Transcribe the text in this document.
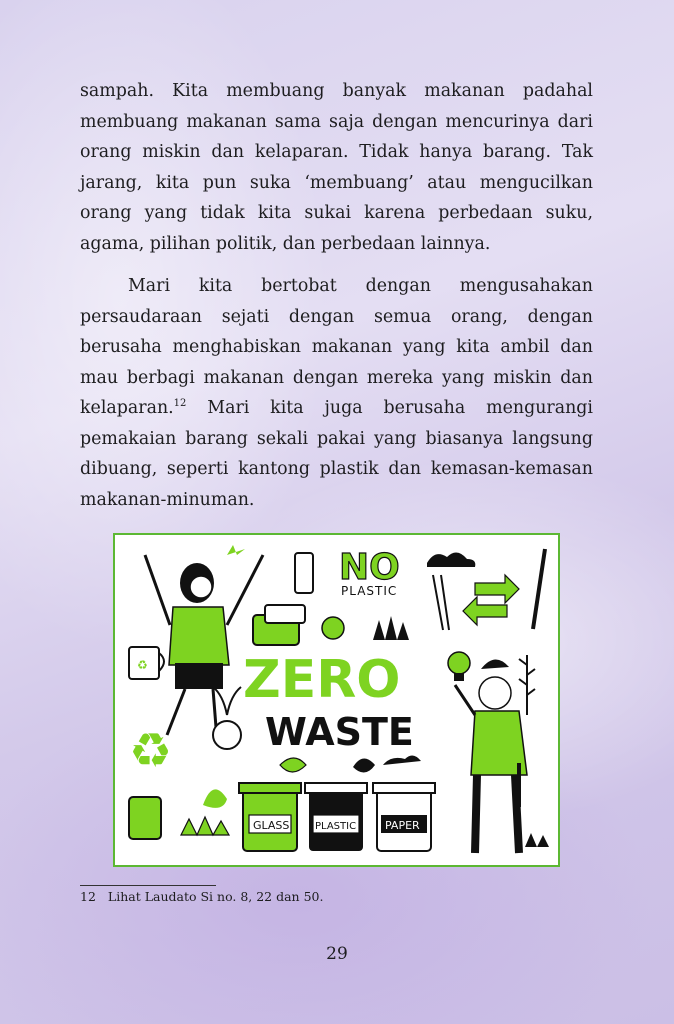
sampah. Kita membuang banyak makanan padahal membuang makanan sama saja dengan mencurinya dari orang miskin dan kelaparan. Tidak hanya barang. Tak jarang, kita pun suka ‘membuang’ atau mengucilkan orang yang tidak kita sukai karena perbedaan suku, agama, pilihan politik, dan perbedaan lainnya.

Mari kita bertobat dengan mengusahakan persaudaraan sejati dengan semua orang, dengan berusaha menghabiskan makanan yang kita ambil dan mau berbagi makanan dengan mereka yang miskin dan kelaparan.$^{12}$ Mari kita juga berusaha mengurangi pemakaian barang sekali pakai yang biasanya langsung dibuang, seperti kantong plastik dan kemasan-kemasan makanan-minuman.

♻
♻
NO
PLASTIC
ZERO
WASTE
GLASS	PLASTIC	PAPER
12 Lihat Laudato Si no. 8, 22 dan 50.
29
